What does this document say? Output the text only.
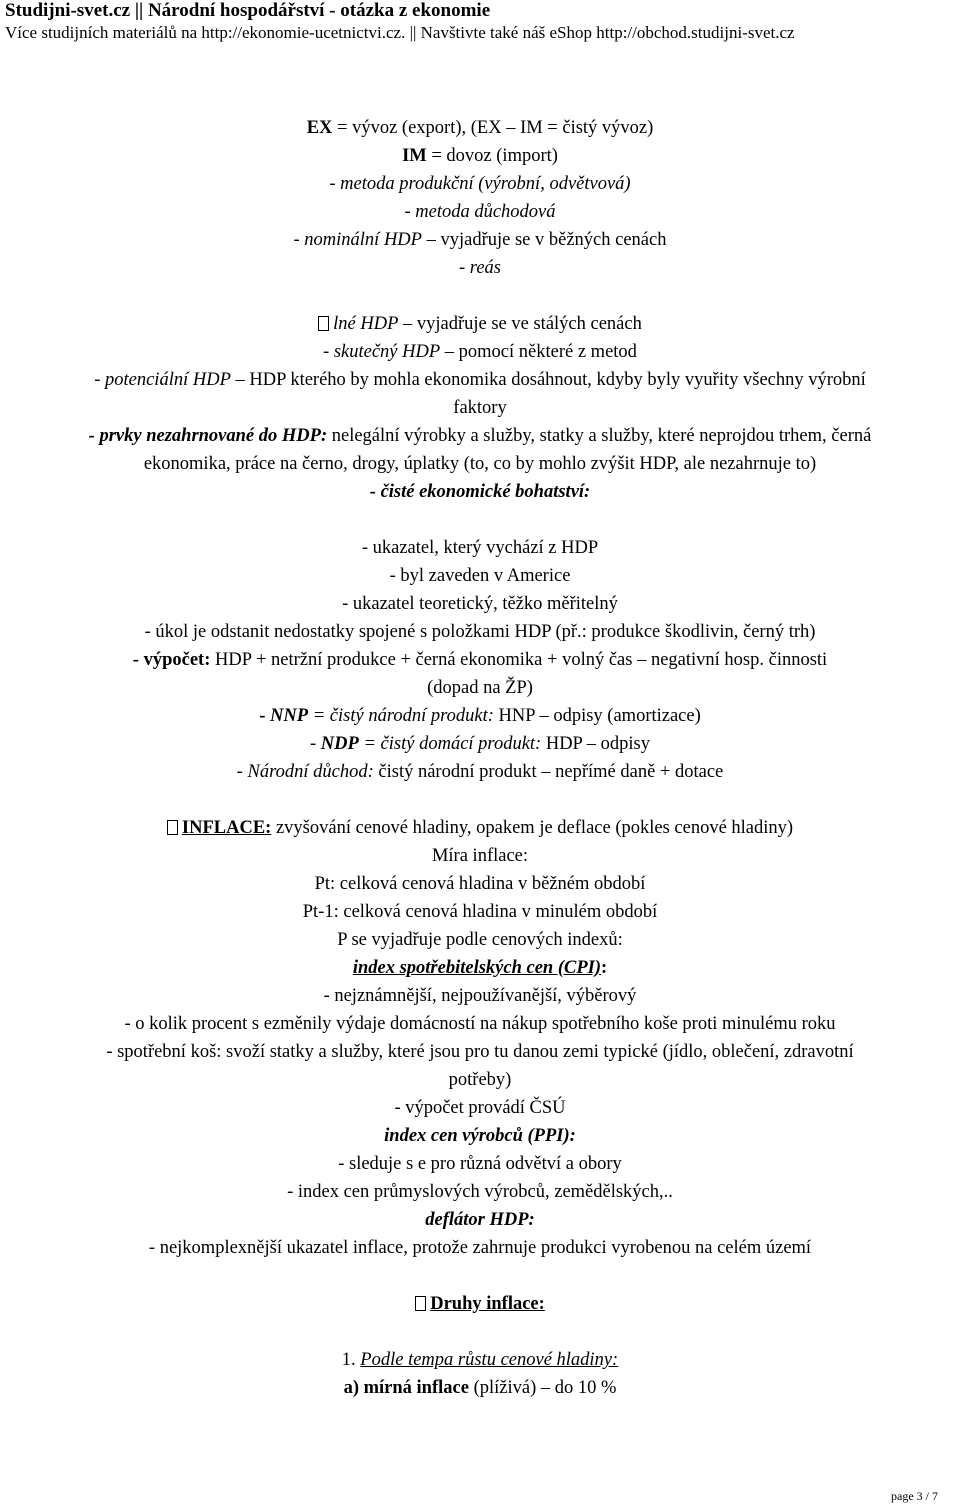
Studijni-svet.cz || Národní hospodářství - otázka z ekonomie
Více studijních materiálů na http://ekonomie-ucetnictvi.cz. || Navštivte také náš eShop http://obchod.studijni-svet.cz
EX = vývoz (export), (EX – IM = čistý vývoz)
IM = dovoz (import)
- metoda produkční (výrobní, odvětvová)
- metoda důchodová
- nominální HDP – vyjadřuje se v běžných cenách
- reás
lné HDP – vyjadřuje se ve stálých cenách
- skutečný HDP – pomocí některé z metod
- potenciální HDP – HDP kterého by mohla ekonomika dosáhnout, kdyby byly vyuřity všechny výrobní
faktory
- prvky nezahrnované do HDP: nelegální výrobky a služby, statky a služby, které neprojdou trhem, černá
ekonomika, práce na černo, drogy, úplatky (to, co by mohlo zvýšit HDP, ale nezahrnuje to)
- čisté ekonomické bohatství:
- ukazatel, který vychází z HDP
- byl zaveden v Americe
- ukazatel teoretický, těžko měřitelný
- úkol je odstanit nedostatky spojené s položkami HDP (př.: produkce škodlivin, černý trh)
- výpočet: HDP + netržní produkce + černá ekonomika + volný čas – negativní hosp. činnosti
(dopad na ŽP)
- NNP = čistý národní produkt: HNP – odpisy (amortizace)
- NDP = čistý domácí produkt: HDP – odpisy
- Národní důchod: čistý národní produkt – nepřímé daně + dotace
INFLACE: zvyšování cenové hladiny, opakem je deflace (pokles cenové hladiny)
Míra inflace:
Pt: celková cenová hladina v běžném období
Pt-1: celková cenová hladina v minulém období
P se vyjadřuje podle cenových indexů:
index spotřebitelských cen (CPI):
- nejznámnější, nejpoužívanější, výběrový
- o kolik procent s ezměnily výdaje domácností na nákup spotřebního koše proti minulému roku
- spotřební koš: svoží statky a služby, které jsou pro tu danou zemi typické (jídlo, oblečení, zdravotní
potřeby)
- výpočet provádí ČSÚ
index cen výrobců (PPI):
- sleduje s e pro různá odvětví a obory
- index cen průmyslových výrobců, zemědělských,..
deflátor HDP:
- nejkomplexnější ukazatel inflace, protože zahrnuje produkci vyrobenou na celém území
Druhy inflace:
1. Podle tempa růstu cenové hladiny:
a) mírná inflace (plíživá) – do 10 %
page 3 / 7
